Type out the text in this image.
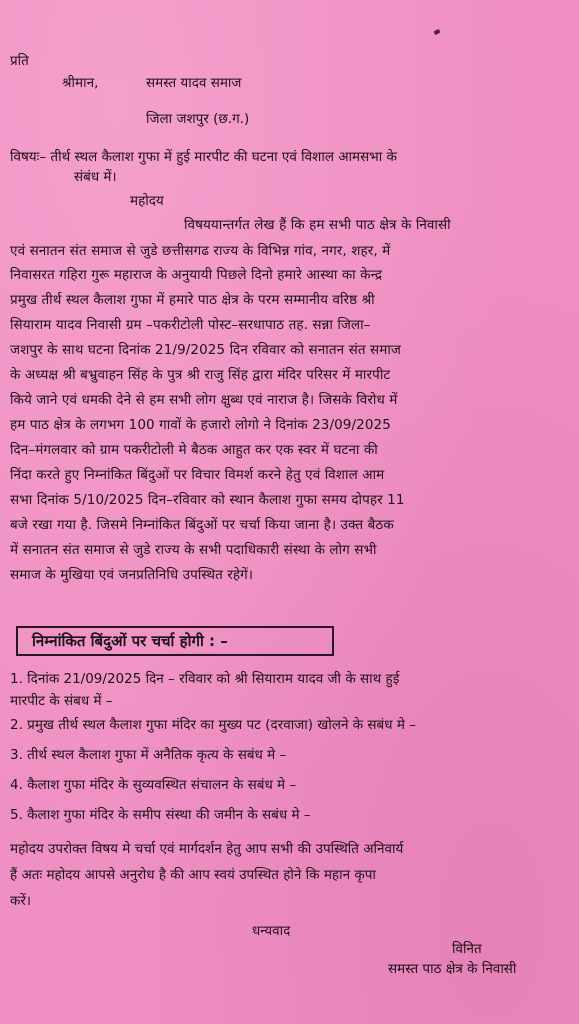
प्रति
श्रीमान,	समस्त यादव समाज
जिला जशपुर (छ.ग.)
विषयः– तीर्थ स्थल कैलाश गुफा में हुई मारपीट की घटना एवं विशाल आमसभा के
संबंध में।
महोदय
विषययान्तर्गत लेख हैं कि हम सभी पाठ क्षेत्र के निवासी
एवं सनातन संत समाज से जुडे छत्तीसगढ राज्य के विभिन्न गांव, नगर, शहर, में
निवासरत गहिरा गुरू महाराज के अनुयायी पिछले दिनो हमारे आस्था का केन्द्र
प्रमुख तीर्थ स्थल कैलाश गुफा में हमारे पाठ क्षेत्र के परम सम्मानीय वरिष्ठ श्री
सियाराम यादव निवासी ग्रम –पकरीटोली पोस्ट–सरधापाठ तह. सन्ना जिला–
जशपुर के साथ घटना दिनांक 21/9/2025 दिन रविवार को सनातन संत समाज
के अध्यक्ष श्री बभ्रुवाहन सिंह के पुत्र श्री राजु सिंह द्वारा मंदिर परिसर में मारपीट
किये जाने एवं धमकी देने से हम सभी लोग क्षुब्ध एवं नाराज है। जिसके विरोध में
हम पाठ क्षेत्र के लगभग 100 गावों के हजारो लोगो ने दिनांक 23/09/2025
दिन–मंगलवार को ग्राम पकरीटोली मे बैठक आहुत कर एक स्वर में घटना की
निंदा करते हुए निम्नांकित बिंदुओं पर विचार विमर्श करने हेतु एवं विशाल आम
सभा दिनांक 5/10/2025 दिन–रविवार को स्थान कैलाश गुफा समय दोपहर 11
बजे रखा गया है. जिसमे निम्नांकित बिंदुओं पर चर्चा किया जाना है। उक्त बैठक
में सनातन संत समाज से जुडे राज्य के सभी पदाधिकारी संस्था के लोग सभी
समाज के मुखिया एवं जनप्रतिनिधि उपस्थित रहेगें।
निम्नांकित बिंदुओं पर चर्चा होगी : –
1. दिनांक 21/09/2025 दिन – रविवार को श्री सियाराम यादव जी के साथ हुई
मारपीट के संबध में –
2. प्रमुख तीर्थ स्थल कैलाश गुफा मंदिर का मुख्य पट (दरवाजा) खोलने के सबंध मे –
3. तीर्थ स्थल कैलाश गुफा में अनैतिक कृत्य के सबंध मे –
4. कैलाश गुफा मंदिर के सुव्यवस्थित संचालन के सबंध मे –
5. कैलाश गुफा मंदिर के समीप संस्था की जमीन के सबंध मे –
महोदय उपरोक्त विषय मे चर्चा एवं मार्गदर्शन हेतु आप सभी की उपस्थिति अनिवार्य
हैं अतः महोदय आपसे अनुरोध है की आप स्वयं उपस्थित होने कि महान कृपा
करें।
धन्यवाद
विनित
समस्त पाठ क्षेत्र के निवासी
